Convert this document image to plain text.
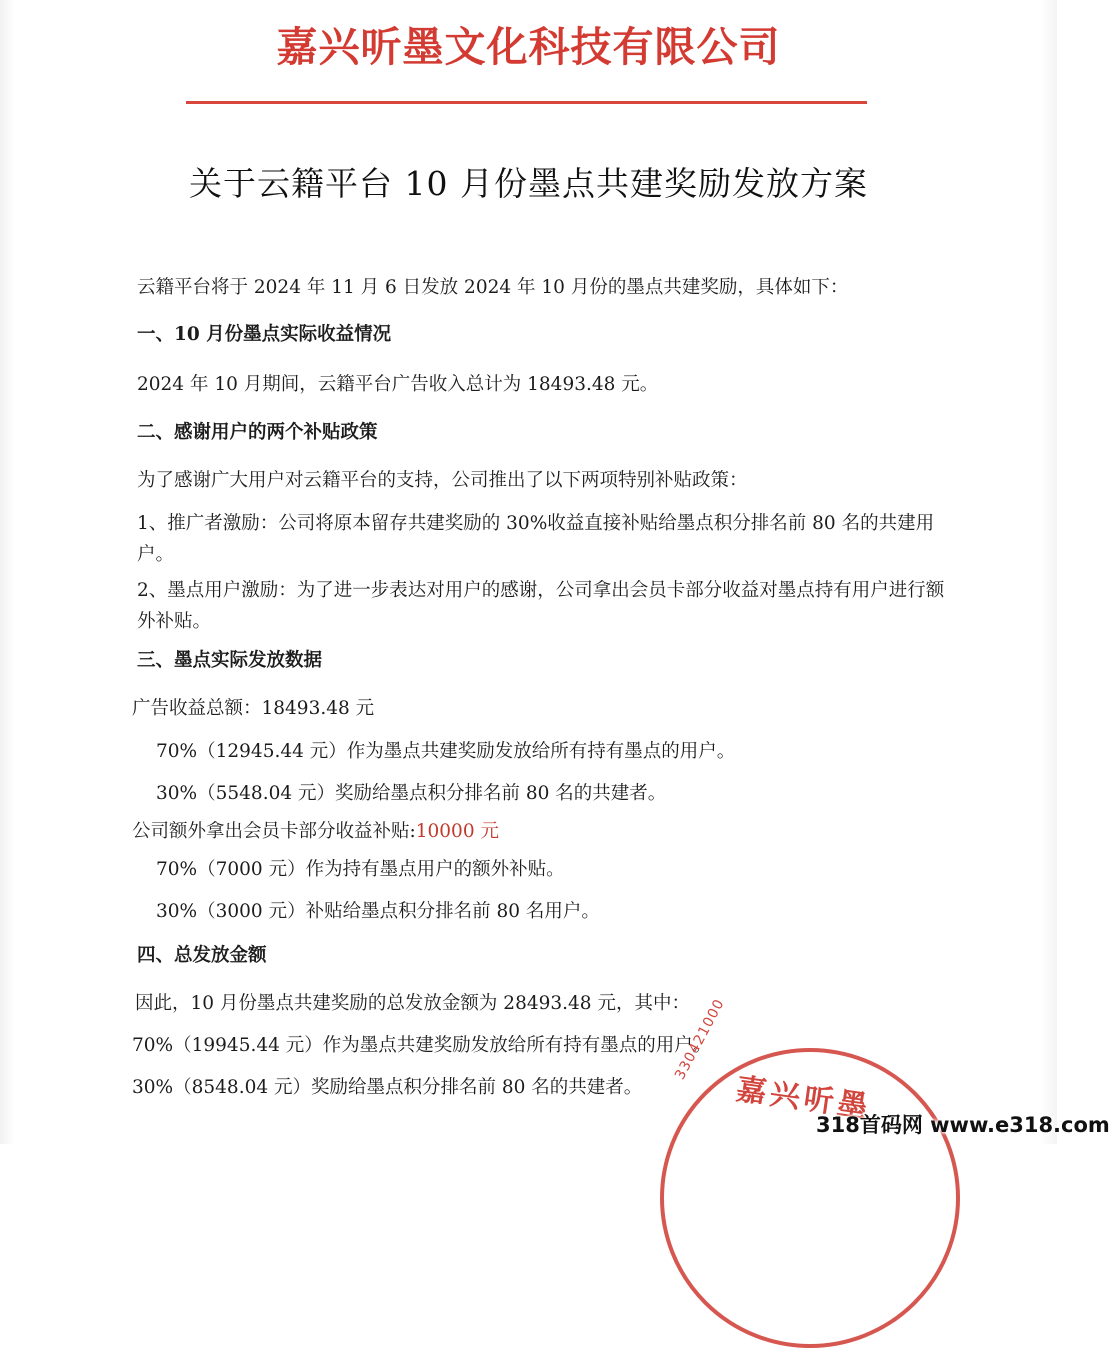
嘉兴听墨文化科技有限公司
关于云籍平台 10 月份墨点共建奖励发放方案
云籍平台将于 2024 年 11 月 6 日发放 2024 年 10 月份的墨点共建奖励，具体如下：
一、10 月份墨点实际收益情况
2024 年 10 月期间，云籍平台广告收入总计为 18493.48 元。
二、感谢用户的两个补贴政策
为了感谢广大用户对云籍平台的支持，公司推出了以下两项特别补贴政策：
1、推广者激励：公司将原本留存共建奖励的 30%收益直接补贴给墨点积分排名前 80 名的共建用户。
2、墨点用户激励：为了进一步表达对用户的感谢，公司拿出会员卡部分收益对墨点持有用户进行额外补贴。
三、墨点实际发放数据
广告收益总额：18493.48 元
70%（12945.44 元）作为墨点共建奖励发放给所有持有墨点的用户。
30%（5548.04 元）奖励给墨点积分排名前 80 名的共建者。
公司额外拿出会员卡部分收益补贴:10000 元
70%（7000 元）作为持有墨点用户的额外补贴。
30%（3000 元）补贴给墨点积分排名前 80 名用户。
四、总发放金额
因此，10 月份墨点共建奖励的总发放金额为 28493.48 元，其中：
70%（19945.44 元）作为墨点共建奖励发放给所有持有墨点的用户。
30%（8548.04 元）奖励给墨点积分排名前 80 名的共建者。	嘉兴听墨
330421000
318首码网 www.e318.com
